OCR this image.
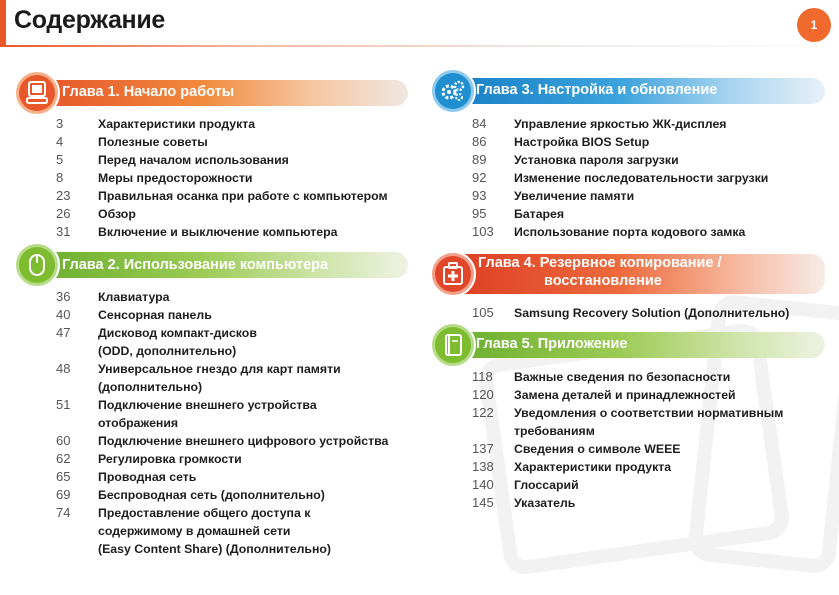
Содержание	1
Глава 1. Начало работы
3	Характеристики продукта
4	Полезные советы
5	Перед началом использования
8	Меры предосторожности
23	Правильная осанка при работе с компьютером
26	Обзор
31	Включение и выключение компьютера
Глава 2. Использование компьютера
36	Клавиатура
40	Сенсорная панель
47	Дисковод компакт-дисков
(ODD, дополнительно)
48	Универсальное гнездо для карт памяти
(дополнительно)
51	Подключение внешнего устройства
отображения
60	Подключение внешнего цифрового устройства
62	Регулировка громкости
65	Проводная сеть
69	Беспроводная сеть (дополнительно)
74	Предоставление общего доступа к
содержимому в домашней сети
(Easy Content Share) (Дополнительно)
Глава 3. Настройка и обновление
84	Управление яркостью ЖК-дисплея
86	Настройка BIOS Setup
89	Установка пароля загрузки
92	Изменение последовательности загрузки
93	Увеличение памяти
95	Батарея
103	Использование порта кодового замка
Глава 4. Резервное копирование /
восстановление
105	Samsung Recovery Solution (Дополнительно)
Глава 5. Приложение
118	Важные сведения по безопасности
120	Замена деталей и принадлежностей
122	Уведомления о соответствии нормативным
требованиям
137	Сведения о символе WEEE
138	Характеристики продукта
140	Глоссарий
145	Указатель
